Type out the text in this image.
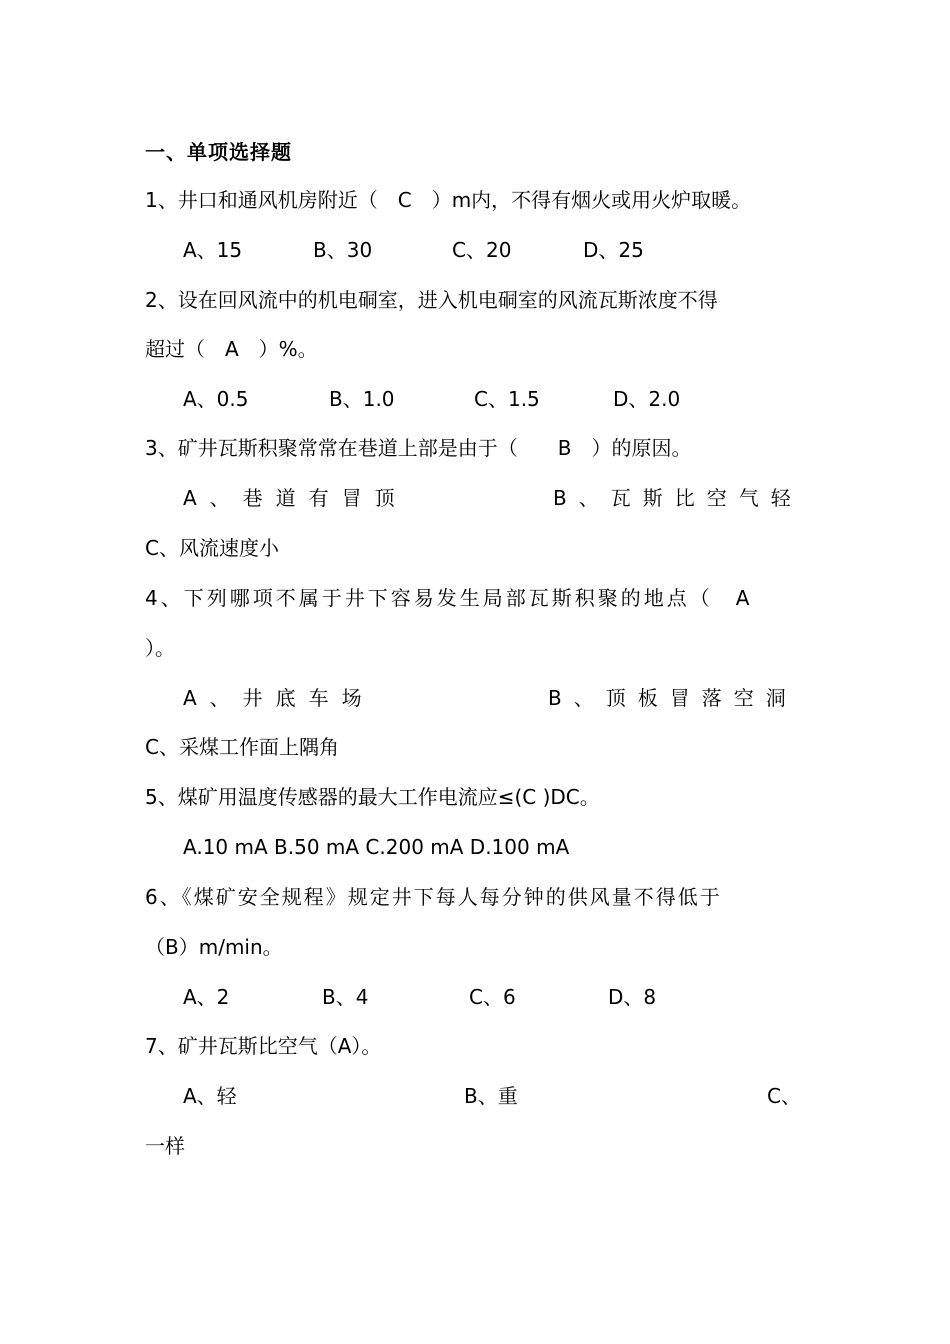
一、单项选择题
1、井口和通风机房附近（　C　）m内，不得有烟火或用火炉取暖。
A、15	B、30	C、20	D、25
2、设在回风流中的机电硐室，进入机电硐室的风流瓦斯浓度不得
超过（　A　）%。
A、0.5	B、1.0	C、1.5	D、2.0
3、矿井瓦斯积聚常常在巷道上部是由于（　　B　）的原因。
A、巷道有冒顶	B、瓦斯比空气轻
C、风流速度小
4、下列哪项不属于井下容易发生局部瓦斯积聚的地点（　A
）。
A、井底车场	B、顶板冒落空洞
C、采煤工作面上隅角
5、煤矿用温度传感器的最大工作电流应≤(C )DC。
A.10 mA B.50 mA C.200 mA D.100 mA
6、《煤矿安全规程》规定井下每人每分钟的供风量不得低于
（B）m/min。
A、2	B、4	C、6	D、8
7、矿井瓦斯比空气（A）。
A、轻	B、重	C、
一样
